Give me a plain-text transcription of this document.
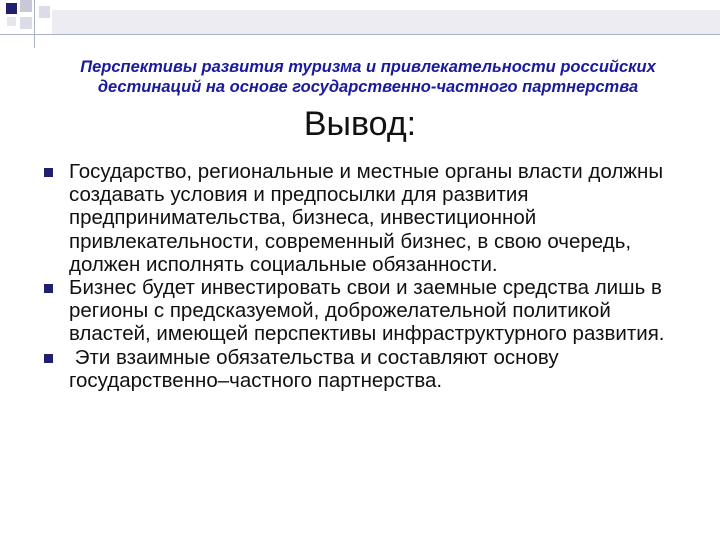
Перспективы развития туризма и привлекательности российских
дестинаций на основе государственно-частного партнерства
Вывод:
Государство, региональные и местные органы власти должны создавать условия и предпосылки для развития предпринимательства, бизнеса, инвестиционной привлекательности, современный бизнес, в свою очередь, должен исполнять социальные обязанности.
Бизнес будет инвестировать свои и заемные средства лишь в регионы с предсказуемой, доброжелательной политикой властей, имеющей перспективы инфраструктурного развития.
Эти взаимные обязательства и составляют основу государственно–частного партнерства.
